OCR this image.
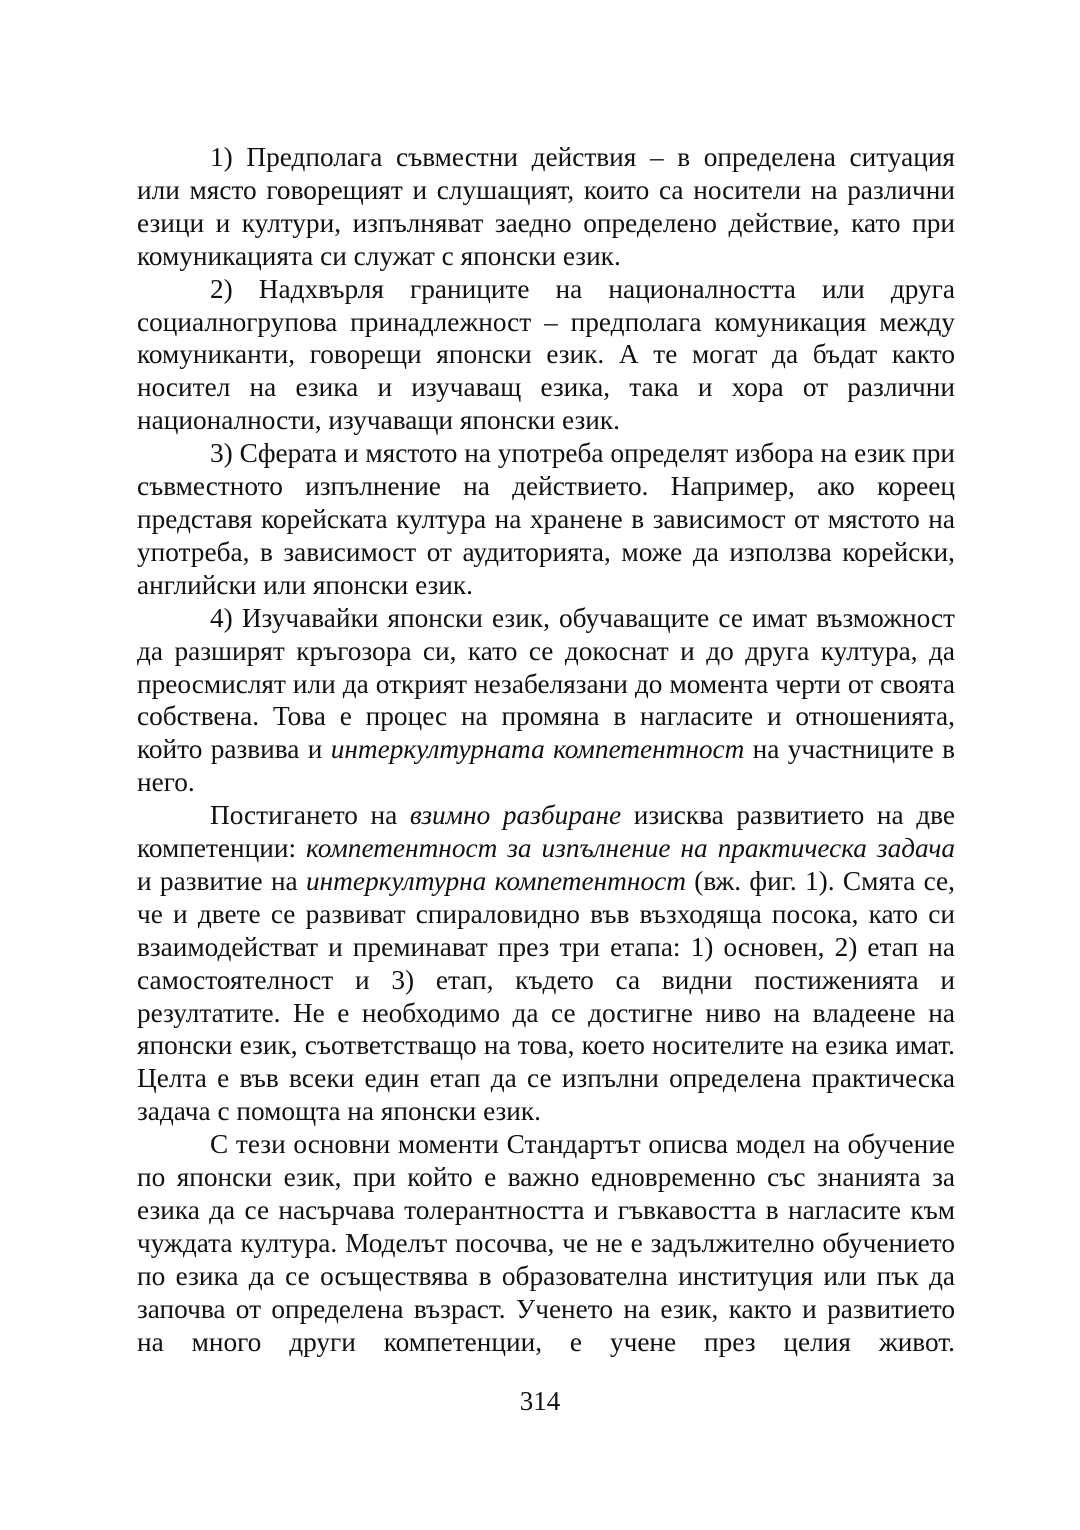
1) Предполага съвместни действия – в определена ситуация или място говорещият и слушащият, които са носители на различни езици и култури, изпълняват заедно определено действие, като при комуникацията си служат с японски език.

2) Надхвърля границите на националността или друга социалногрупова принадлежност – предполага комуникация между комуниканти, говорещи японски език. А те могат да бъдат както носител на езика и изучаващ езика, така и хора от различни националности, изучаващи японски език.

3) Сферата и мястото на употреба определят избора на език при съвместното изпълнение на действието. Например, ако кореец представя корейската култура на хранене в зависимост от мястото на употреба, в зависимост от аудиторията, може да използва корейски, английски или японски език.

4) Изучавайки японски език, обучаващите се имат възможност да разширят кръгозора си, като се докоснат и до друга култура, да преосмислят или да открият незабелязани до момента черти от своята собствена. Това е процес на промяна в нагласите и отношенията, който развива и интеркултурната компетентност на участниците в него.

Постигането на взимно разбиране изисква развитието на две компетенции: компетентност за изпълнение на практическа задача и развитие на интеркултурна компетентност (вж. фиг. 1). Смята се, че и двете се развиват спираловидно във възходяща посока, като си взаимодействат и преминават през три етапа: 1) основен, 2) етап на самостоятелност и 3) етап, където са видни постиженията и резултатите. Не е необходимо да се достигне ниво на владеене на японски език, съответстващо на това, което носителите на езика имат. Целта е във всеки един етап да се изпълни определена практическа задача с помощта на японски език.

С тези основни моменти Стандартът описва модел на обучение по японски език, при който е важно едновременно със знанията за езика да се насърчава толерантността и гъвкавостта в нагласите към чуждата култура. Моделът посочва, че не е задължително обучението по езика да се осъществява в образователна институция или пък да започва от определена възраст. Ученето на език, както и развитието на много други компетенции, е учене през целия живот.

314
